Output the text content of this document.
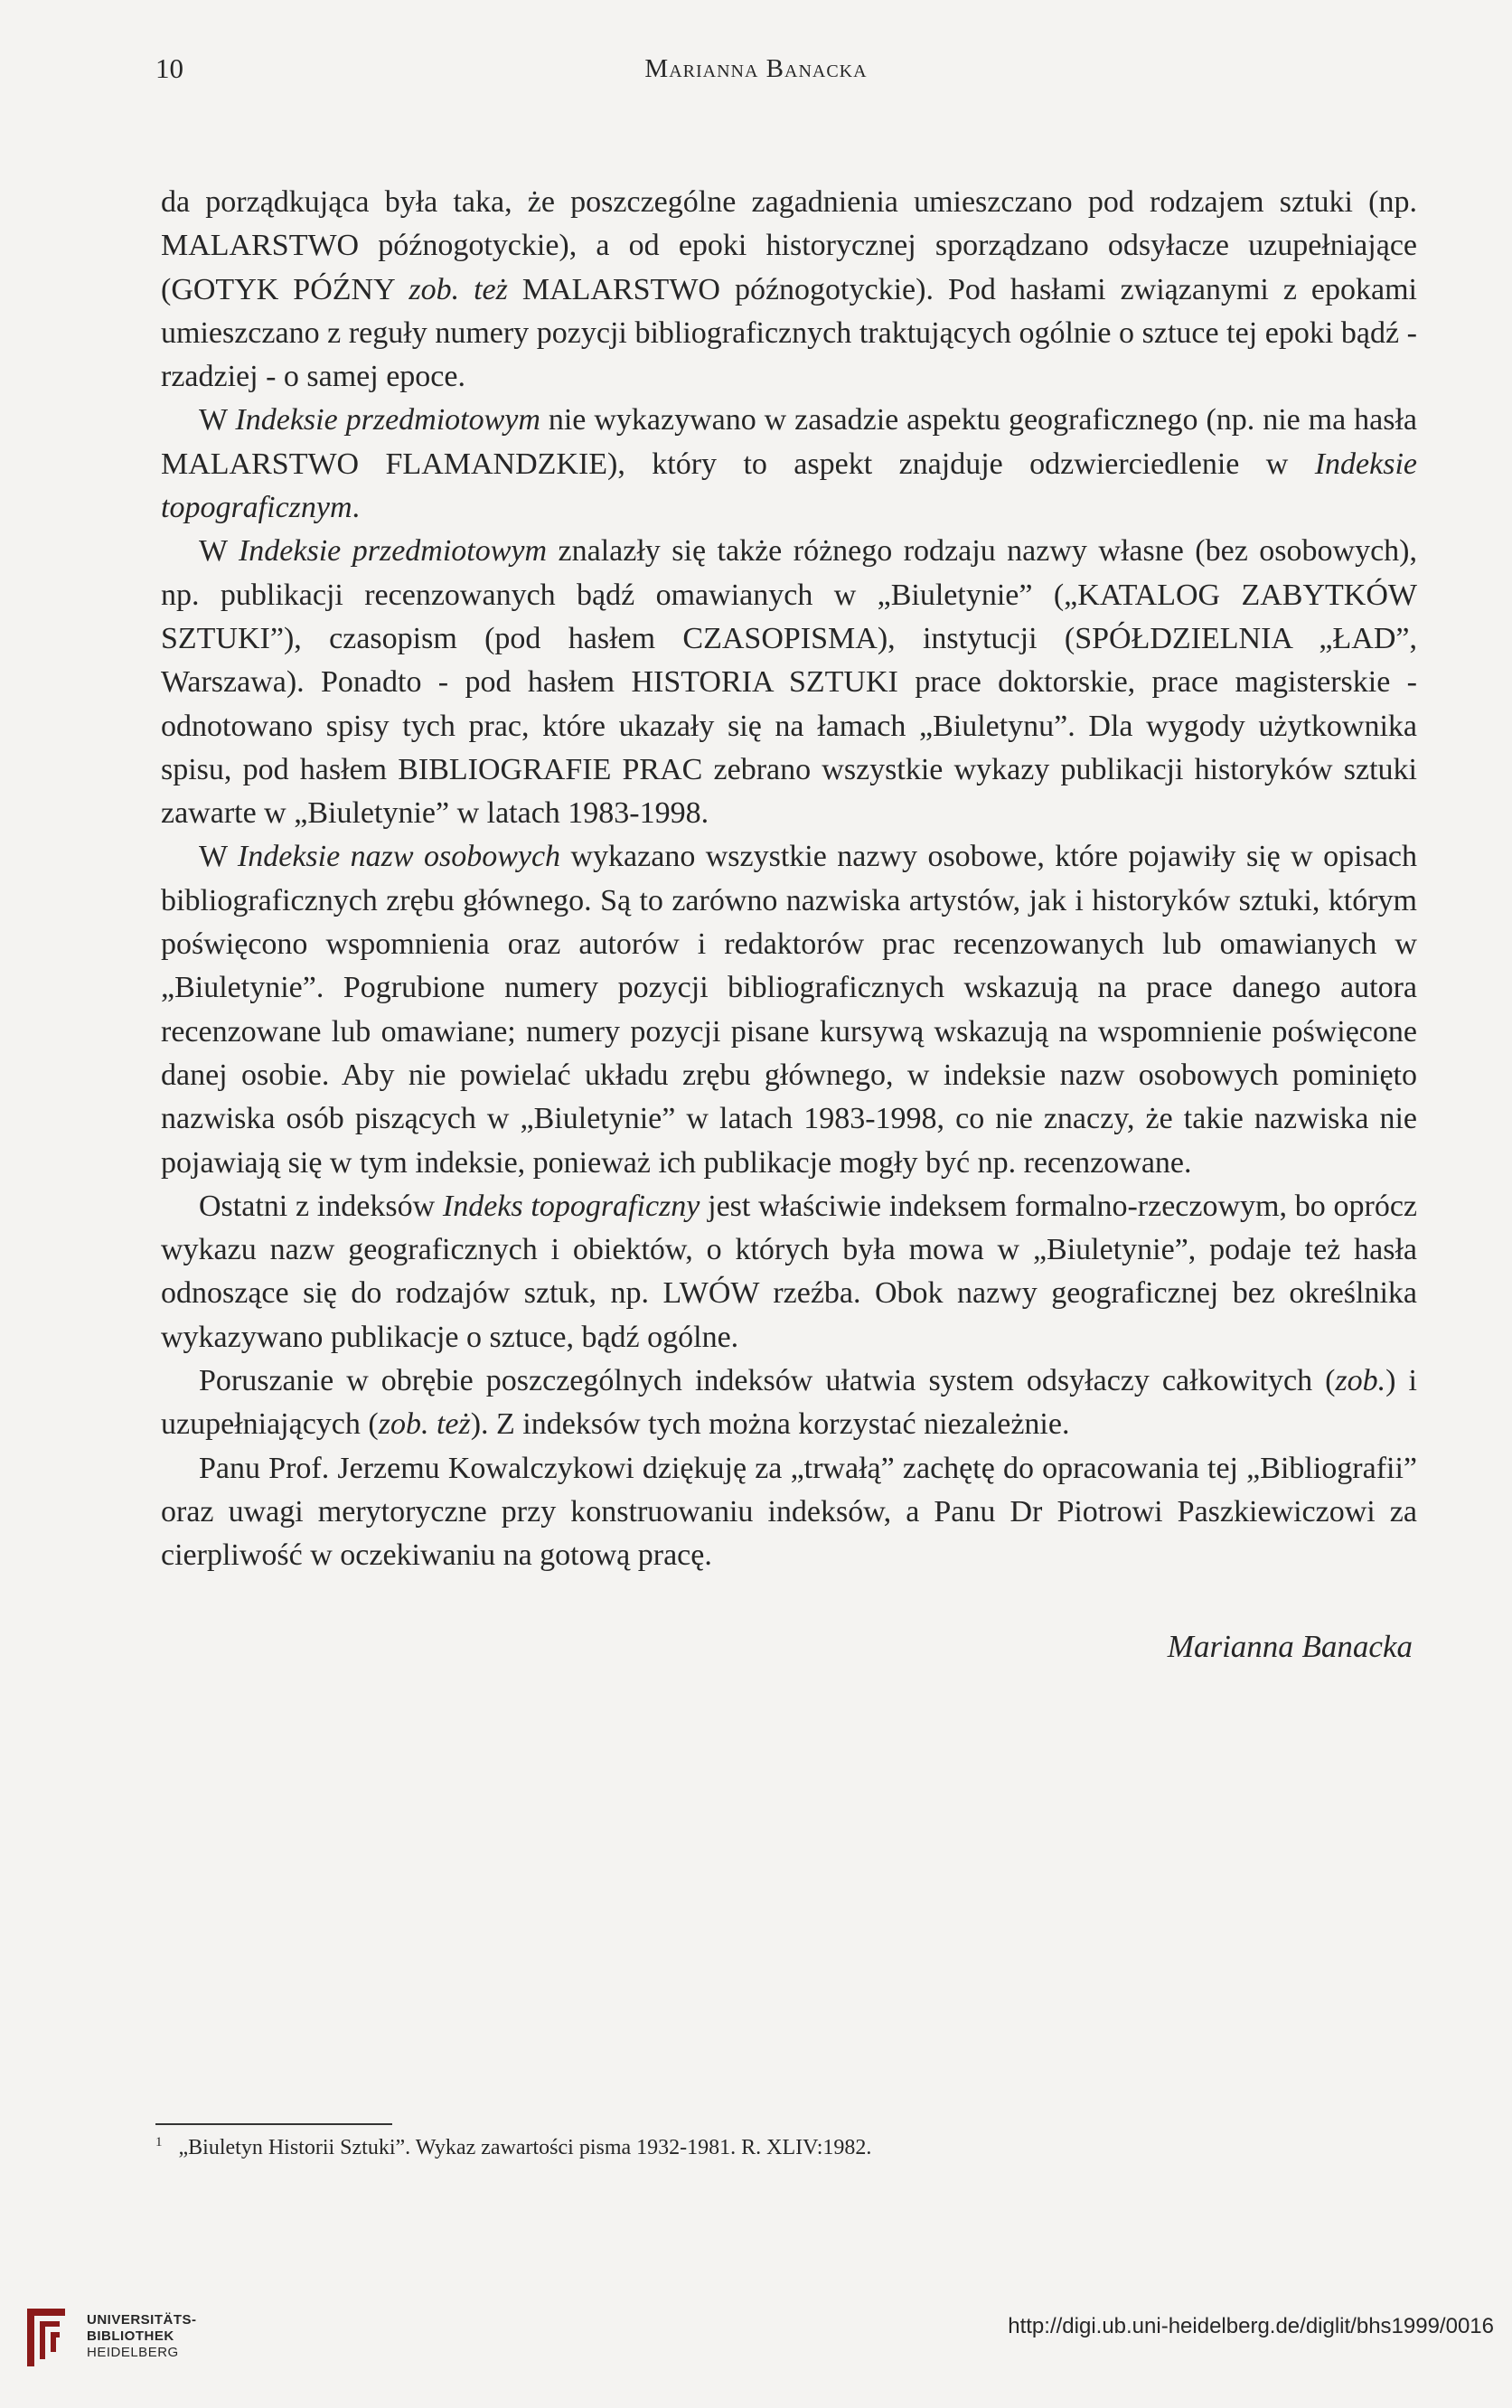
10	Marianna Banacka

da porządkująca była taka, że poszczególne zagadnienia umieszczano pod rodzajem sztuki (np. MALARSTWO późnogotyckie), a od epoki historycznej sporządzano odsyłacze uzupełniające (GOTYK PÓŹNY zob. też MALARSTWO późnogotyckie). Pod hasłami związanymi z epokami umieszczano z reguły numery pozycji bibliograficznych traktujących ogólnie o sztuce tej epoki bądź - rzadziej - o samej epoce.

W Indeksie przedmiotowym nie wykazywano w zasadzie aspektu geograficznego (np. nie ma hasła MALARSTWO FLAMANDZKIE), który to aspekt znajduje odzwierciedlenie w Indeksie topograficznym.

W Indeksie przedmiotowym znalazły się także różnego rodzaju nazwy własne (bez osobowych), np. publikacji recenzowanych bądź omawianych w „Biuletynie” („KATALOG ZABYTKÓW SZTUKI”), czasopism (pod hasłem CZASOPISMA), instytucji (SPÓŁDZIELNIA „ŁAD”, Warszawa). Ponadto - pod hasłem HISTORIA SZTUKI prace doktorskie, prace magisterskie - odnotowano spisy tych prac, które ukazały się na łamach „Biuletynu”. Dla wygody użytkownika spisu, pod hasłem BIBLIOGRAFIE PRAC zebrano wszystkie wykazy publikacji historyków sztuki zawarte w „Biuletynie” w latach 1983-1998.

W Indeksie nazw osobowych wykazano wszystkie nazwy osobowe, które pojawiły się w opisach bibliograficznych zrębu głównego. Są to zarówno nazwiska artystów, jak i historyków sztuki, którym poświęcono wspomnienia oraz autorów i redaktorów prac recenzowanych lub omawianych w „Biuletynie”. Pogrubione numery pozycji bibliograficznych wskazują na prace danego autora recenzowane lub omawiane; numery pozycji pisane kursywą wskazują na wspomnienie poświęcone danej osobie. Aby nie powielać układu zrębu głównego, w indeksie nazw osobowych pominięto nazwiska osób piszących w „Biuletynie” w latach 1983-1998, co nie znaczy, że takie nazwiska nie pojawiają się w tym indeksie, ponieważ ich publikacje mogły być np. recenzowane.

Ostatni z indeksów Indeks topograficzny jest właściwie indeksem formalno-rzeczowym, bo oprócz wykazu nazw geograficznych i obiektów, o których była mowa w „Biuletynie”, podaje też hasła odnoszące się do rodzajów sztuk, np. LWÓW rzeźba. Obok nazwy geograficznej bez określnika wykazywano publikacje o sztuce, bądź ogólne.

Poruszanie w obrębie poszczególnych indeksów ułatwia system odsyłaczy całkowitych (zob.) i uzupełniających (zob. też). Z indeksów tych można korzystać niezależnie.

Panu Prof. Jerzemu Kowalczykowi dziękuję za „trwałą” zachętę do opracowania tej „Bibliografii” oraz uwagi merytoryczne przy konstruowaniu indeksów, a Panu Dr Piotrowi Paszkiewiczowi za cierpliwość w oczekiwaniu na gotową pracę.

Marianna Banacka
$^1$ „Biuletyn Historii Sztuki”. Wykaz zawartości pisma 1932-1981. R. XLIV:1982.
UNIVERSITÄTS-
BIBLIOTHEK
HEIDELBERG
http://digi.ub.uni-heidelberg.de/diglit/bhs1999/0016
